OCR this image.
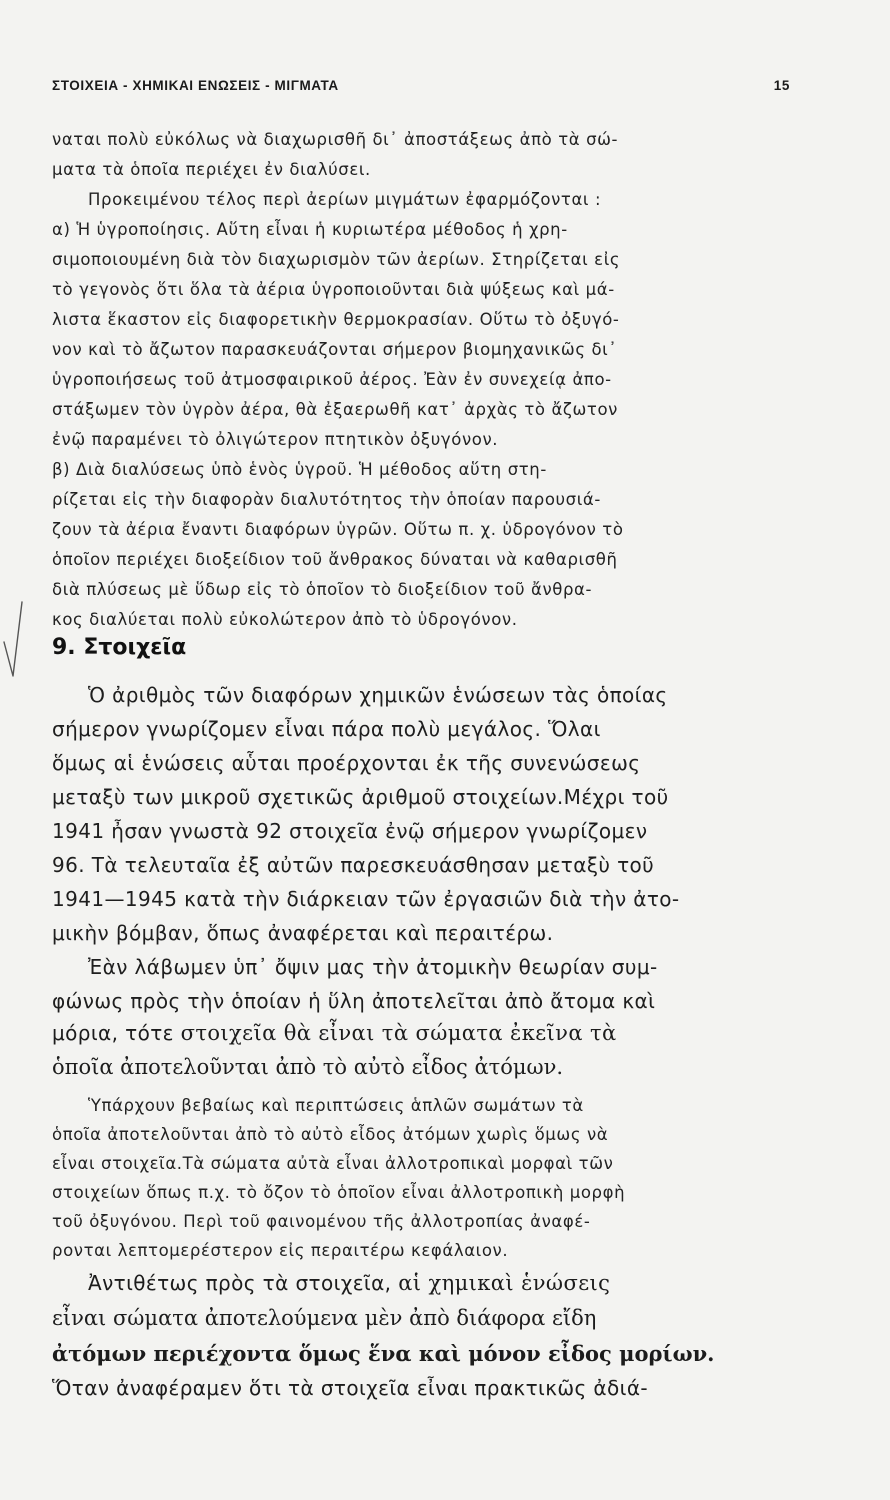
ΣΤΟΙΧΕΙΑ - ΧΗΜΙΚΑΙ ΕΝΩΣΕΙΣ - ΜΙΓΜΑΤΑ	15
ναται πολὺ εὐκόλως νὰ διαχωρισθῆ δι᾽ ἀποστάξεως ἀπὸ τὰ σώ-
ματα τὰ ὁποῖα περιέχει ἐν διαλύσει.
Προκειμένου τέλος περὶ ἀερίων μιγμάτων ἐφαρμόζονται :
α) Ἡ ὑγροποίησις. Αὕτη εἶναι ἡ κυριωτέρα μέθοδος ἡ χρη-
σιμοποιουμένη διὰ τὸν διαχωρισμὸν τῶν ἀερίων. Στηρίζεται εἰς
τὸ γεγονὸς ὅτι ὅλα τὰ ἀέρια ὑγροποιοῦνται διὰ ψύξεως καὶ μά-
λιστα ἕκαστον εἰς διαφορετικὴν θερμοκρασίαν. Οὕτω τὸ ὀξυγό-
νον καὶ τὸ ἄζωτον παρασκευάζονται σήμερον βιομηχανικῶς δι᾽
ὑγροποιήσεως τοῦ ἀτμοσφαιρικοῦ ἀέρος. Ἐὰν ἐν συνεχείᾳ ἀπο-
στάξωμεν τὸν ὑγρὸν ἀέρα, θὰ ἐξαερωθῆ κατ᾽ ἀρχὰς τὸ ἄζωτον
ἐνῷ παραμένει τὸ ὀλιγώτερον πτητικὸν ὀξυγόνον.
β) Διὰ διαλύσεως ὑπὸ ἑνὸς ὑγροῦ. Ἡ μέθοδος αὕτη στη-
ρίζεται εἰς τὴν διαφορὰν διαλυτότητος τὴν ὁποίαν παρουσιά-
ζουν τὰ ἀέρια ἔναντι διαφόρων ὑγρῶν. Οὕτω π. χ. ὑδρογόνον τὸ
ὁποῖον περιέχει διοξείδιον τοῦ ἄνθρακος δύναται νὰ καθαρισθῆ
διὰ πλύσεως μὲ ὕδωρ εἰς τὸ ὁποῖον τὸ διοξείδιον τοῦ ἄνθρα-
κος διαλύεται πολὺ εὐκολώτερον ἀπὸ τὸ ὑδρογόνον.
9. Στοιχεῖα
Ὁ ἀριθμὸς τῶν διαφόρων χημικῶν ἑνώσεων τὰς ὁποίας
σήμερον γνωρίζομεν εἶναι πάρα πολὺ μεγάλος. Ὅλαι
ὅμως αἱ ἑνώσεις αὗται προέρχονται ἐκ τῆς συνενώσεως
μεταξὺ των μικροῦ σχετικῶς ἀριθμοῦ στοιχείων.Μέχρι τοῦ
1941 ἦσαν γνωστὰ 92 στοιχεῖα ἐνῷ σήμερον γνωρίζομεν
96. Τὰ τελευταῖα ἐξ αὐτῶν παρεσκευάσθησαν μεταξὺ τοῦ
1941—1945 κατὰ τὴν διάρκειαν τῶν ἐργασιῶν διὰ τὴν ἀτο-
μικὴν βόμβαν, ὅπως ἀναφέρεται καὶ περαιτέρω.
Ἐὰν λάβωμεν ὑπ᾽ ὄψιν μας τὴν ἀτομικὴν θεωρίαν συμ-
φώνως πρὸς τὴν ὁποίαν ἡ ὕλη ἀποτελεῖται ἀπὸ ἄτομα καὶ
μόρια, τότε στοιχεῖα θὰ εἶναι τὰ σώματα ἐκεῖνα τὰ
ὁποῖα ἀποτελοῦνται ἀπὸ τὸ αὐτὸ εἶδος ἀτόμων.
Ὑπάρχουν βεβαίως καὶ περιπτώσεις ἁπλῶν σωμάτων τὰ
ὁποῖα ἀποτελοῦνται ἀπὸ τὸ αὐτὸ εἶδος ἀτόμων χωρὶς ὅμως νὰ
εἶναι στοιχεῖα.Τὰ σώματα αὐτὰ εἶναι ἀλλοτροπικαὶ μορφαὶ τῶν
στοιχείων ὅπως π.χ. τὸ ὄζον τὸ ὁποῖον εἶναι ἀλλοτροπικὴ μορφὴ
τοῦ ὀξυγόνου. Περὶ τοῦ φαινομένου τῆς ἀλλοτροπίας ἀναφέ-
ρονται λεπτομερέστερον εἰς περαιτέρω κεφάλαιον.
Ἀντιθέτως πρὸς τὰ στοιχεῖα, αἱ χημικαὶ ἑνώσεις
εἶναι σώματα ἀποτελούμενα μὲν ἀπὸ διάφορα εἴδη
ἀτόμων περιέχοντα ὅμως ἕνα καὶ μόνον εἶδος μορίων.
Ὅταν ἀναφέραμεν ὅτι τὰ στοιχεῖα εἶναι πρακτικῶς ἀδιά-
